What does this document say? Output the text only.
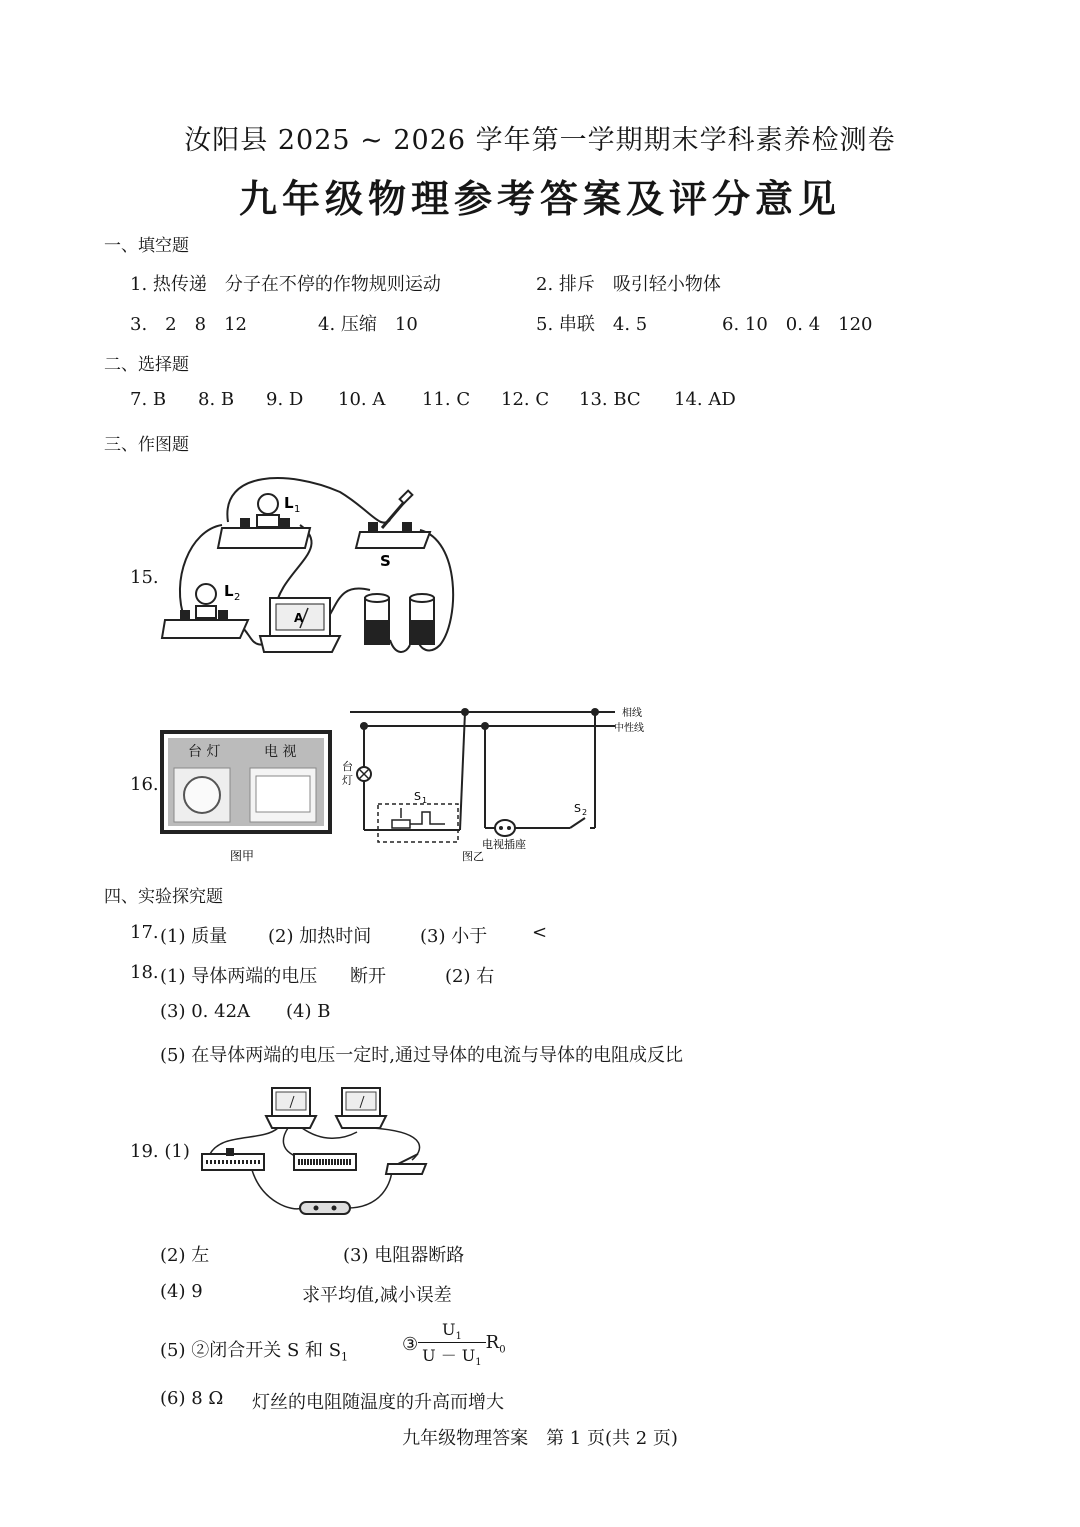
汝阳县 2025 ~ 2026 学年第一学期期末学科素养检测卷
九年级物理参考答案及评分意见
一、填空题
1. 热传递　分子在不停的作物规则运动	2. 排斥　吸引轻小物体
3.　2　8　12	4. 压缩　10	5. 串联　4. 5	6. 10　0. 4　120
二、选择题
7. B 8. B 9. D 10. A 11. C 12. C 13. BC 14. AD
三、作图题
15.
L 1
S
L 2
A
16.
台 灯	电 视
图甲
相线
中性线
台
灯
S 1
S 2
电视插座
图乙
四、实验探究题
17. (1) 质量 (2) 加热时间	(3) 小于 <
18. (1) 导体两端的电压 断开	(2) 右
(3) 0. 42A (4) B
(5) 在导体两端的电压一定时,通过导体的电流与导体的电阻成反比
19. (1)
(2) 左	(3) 电阻器断路
(4) 9	求平均值,减小误差
(5) ②闭合开关 S 和 $S_1$
③ $\frac{U_1}{U - U_1} R_0$
(6) 8 Ω 灯丝的电阻随温度的升高而增大
九年级物理答案　第 1 页(共 2 页)
